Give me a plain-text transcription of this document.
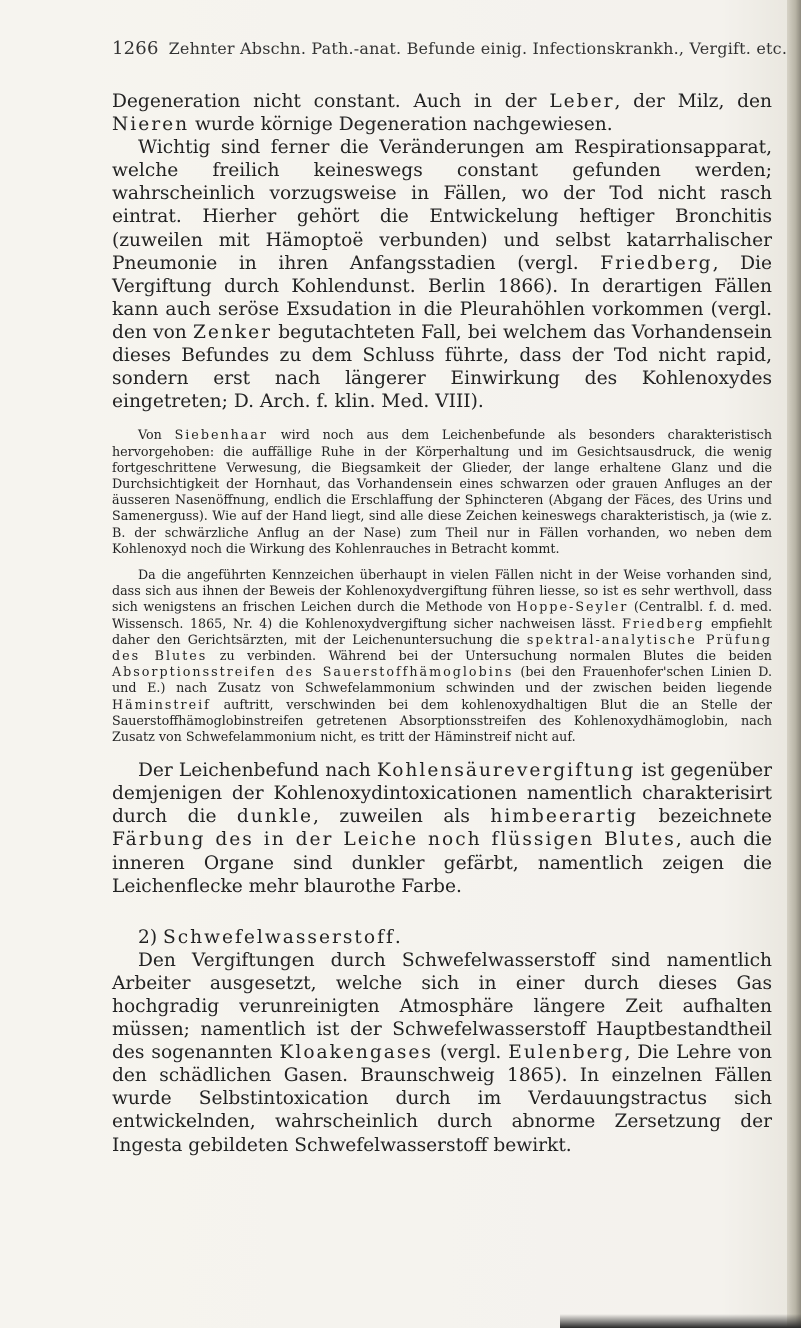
1266 Zehnter Abschn. Path.-anat. Befunde einig. Infectionskrankh., Vergift. etc.

Degeneration nicht constant. Auch in der Leber, der Milz, den Nieren wurde körnige Degeneration nachgewiesen.

Wichtig sind ferner die Veränderungen am Respirationsapparat, welche freilich keineswegs constant gefunden werden; wahrscheinlich vorzugsweise in Fällen, wo der Tod nicht rasch eintrat. Hierher gehört die Entwickelung heftiger Bronchitis (zuweilen mit Hämoptoë verbunden) und selbst katarrhalischer Pneumonie in ihren Anfangsstadien (vergl. Friedberg, Die Vergiftung durch Kohlendunst. Berlin 1866). In derartigen Fällen kann auch seröse Exsudation in die Pleurahöhlen vorkommen (vergl. den von Zenker begutachteten Fall, bei welchem das Vorhandensein dieses Befundes zu dem Schluss führte, dass der Tod nicht rapid, sondern erst nach längerer Einwirkung des Kohlenoxydes eingetreten; D. Arch. f. klin. Med. VIII).

Von Siebenhaar wird noch aus dem Leichenbefunde als besonders charakteristisch hervorgehoben: die auffällige Ruhe in der Körperhaltung und im Gesichtsausdruck, die wenig fortgeschrittene Verwesung, die Biegsamkeit der Glieder, der lange erhaltene Glanz und die Durchsichtigkeit der Hornhaut, das Vorhandensein eines schwarzen oder grauen Anfluges an der äusseren Nasenöffnung, endlich die Erschlaffung der Sphincteren (Abgang der Fäces, des Urins und Samenerguss). Wie auf der Hand liegt, sind alle diese Zeichen keineswegs charakteristisch, ja (wie z. B. der schwärzliche Anflug an der Nase) zum Theil nur in Fällen vorhanden, wo neben dem Kohlenoxyd noch die Wirkung des Kohlenrauches in Betracht kommt.

Da die angeführten Kennzeichen überhaupt in vielen Fällen nicht in der Weise vorhanden sind, dass sich aus ihnen der Beweis der Kohlenoxydvergiftung führen liesse, so ist es sehr werthvoll, dass sich wenigstens an frischen Leichen durch die Methode von Hoppe-Seyler (Centralbl. f. d. med. Wissensch. 1865, Nr. 4) die Kohlenoxydvergiftung sicher nachweisen lässt. Friedberg empfiehlt daher den Gerichtsärzten, mit der Leichenuntersuchung die spektral-analytische Prüfung des Blutes zu verbinden. Während bei der Untersuchung normalen Blutes die beiden Absorptionsstreifen des Sauerstoffhämoglobins (bei den Frauenhofer'schen Linien D. und E.) nach Zusatz von Schwefelammonium schwinden und der zwischen beiden liegende Häminstreif auftritt, verschwinden bei dem kohlenoxydhaltigen Blut die an Stelle der Sauerstoffhämoglobinstreifen getretenen Absorptionsstreifen des Kohlenoxydhämoglobin, nach Zusatz von Schwefelammonium nicht, es tritt der Häminstreif nicht auf.

Der Leichenbefund nach Kohlensäurevergiftung ist gegenüber demjenigen der Kohlenoxydintoxicationen namentlich charakterisirt durch die dunkle, zuweilen als himbeerartig bezeichnete Färbung des in der Leiche noch flüssigen Blutes, auch die inneren Organe sind dunkler gefärbt, namentlich zeigen die Leichenflecke mehr blaurothe Farbe.

2) Schwefelwasserstoff.

Den Vergiftungen durch Schwefelwasserstoff sind namentlich Arbeiter ausgesetzt, welche sich in einer durch dieses Gas hochgradig verunreinigten Atmosphäre längere Zeit aufhalten müssen; namentlich ist der Schwefelwasserstoff Hauptbestandtheil des sogenannten Kloakengases (vergl. Eulenberg, Die Lehre von den schädlichen Gasen. Braunschweig 1865). In einzelnen Fällen wurde Selbstintoxication durch im Verdauungstractus sich entwickelnden, wahrscheinlich durch abnorme Zersetzung der Ingesta gebildeten Schwefelwasserstoff bewirkt.
